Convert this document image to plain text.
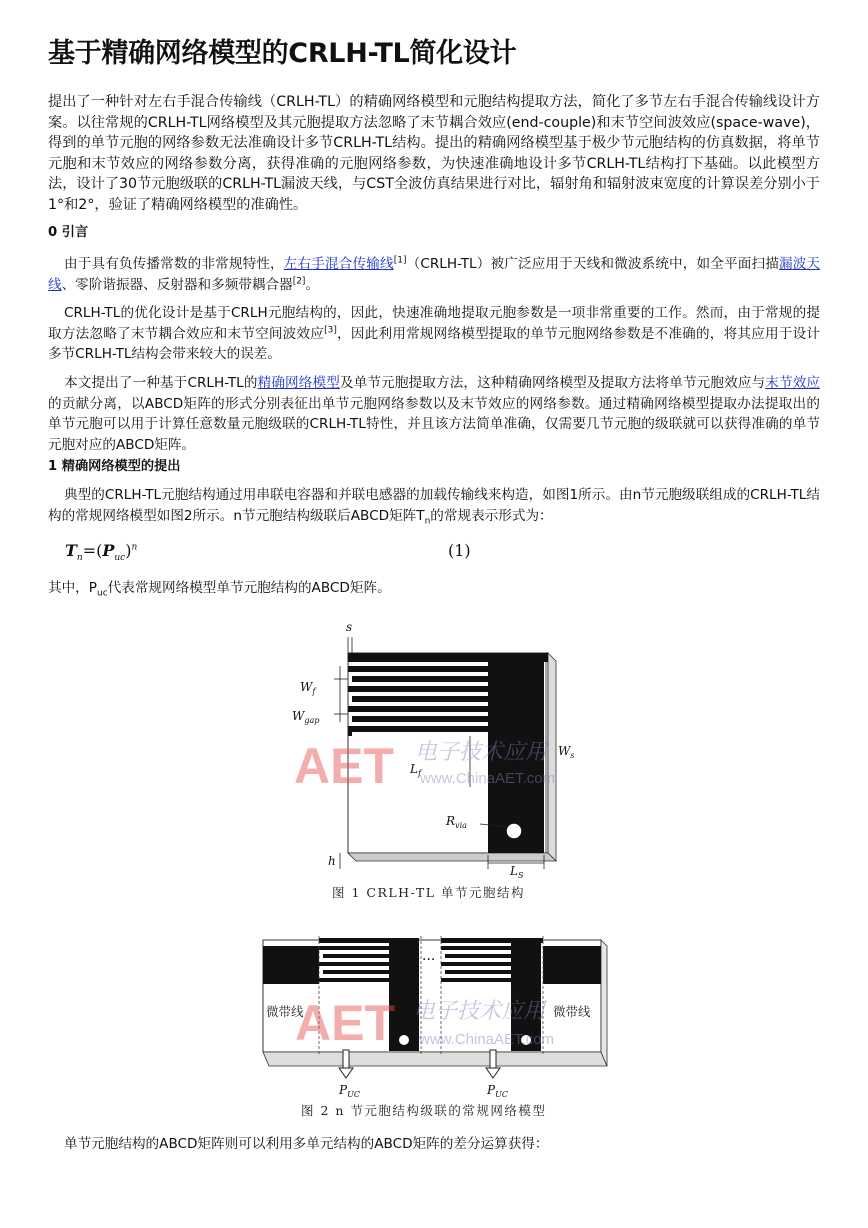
基于精确网络模型的CRLH-TL简化设计
提出了一种针对左右手混合传输线（CRLH-TL）的精确网络模型和元胞结构提取方法，简化了多节左右手混合传输线设计方案。以往常规的CRLH-TL网络模型及其元胞提取方法忽略了末节耦合效应(end-couple)和末节空间波效应(space-wave)，得到的单节元胞的网络参数无法准确设计多节CRLH-TL结构。提出的精确网络模型基于极少节元胞结构的仿真数据，将单节元胞和末节效应的网络参数分离，获得准确的元胞网络参数，为快速准确地设计多节CRLH-TL结构打下基础。以此模型方法，设计了30节元胞级联的CRLH-TL漏波天线，与CST全波仿真结果进行对比，辐射角和辐射波束宽度的计算误差分别小于1°和2°，验证了精确网络模型的准确性。
0 引言
由于具有负传播常数的非常规特性，左右手混合传输线[1]（CRLH-TL）被广泛应用于天线和微波系统中，如全平面扫描漏波天线、零阶谐振器、反射器和多频带耦合器[2]。
CRLH-TL的优化设计是基于CRLH元胞结构的，因此，快速准确地提取元胞参数是一项非常重要的工作。然而，由于常规的提取方法忽略了末节耦合效应和末节空间波效应[3]，因此利用常规网络模型提取的单节元胞网络参数是不准确的，将其应用于设计多节CRLH-TL结构会带来较大的误差。
本文提出了一种基于CRLH-TL的精确网络模型及单节元胞提取方法，这种精确网络模型及提取方法将单节元胞效应与末节效应的贡献分离，以ABCD矩阵的形式分别表征出单节元胞网络参数以及末节效应的网络参数。通过精确网络模型提取办法提取出的单节元胞可以用于计算任意数量元胞级联的CRLH-TL特性，并且该方法简单准确，仅需要几节元胞的级联就可以获得准确的单节元胞对应的ABCD矩阵。
1 精确网络模型的提出
典型的CRLH-TL元胞结构通过用串联电容器和并联电感器的加载传输线来构造，如图1所示。由n节元胞级联组成的CRLH-TL结构的常规网络模型如图2所示。n节元胞结构级联后ABCD矩阵$T_n$的常规表示形式为：
$T_n=(P_{uc})^n$	(1)
其中，$P_{uc}$代表常规网络模型单节元胞结构的ABCD矩阵。
s
$W_f$
$W_{gap}$
$L_f$
$W_s$
$R_{via}$
h
$L_S$
AET 电子技术应用
www.ChinaAET.com
图 1 CRLH-TL 单节元胞结构
···
微带线	微带线
$P_{UC}$	$P_{UC}$
AET 电子技术应用
www.ChinaAET.com
图 2 n 节元胞结构级联的常规网络模型
单节元胞结构的ABCD矩阵则可以利用多单元结构的ABCD矩阵的差分运算获得：
